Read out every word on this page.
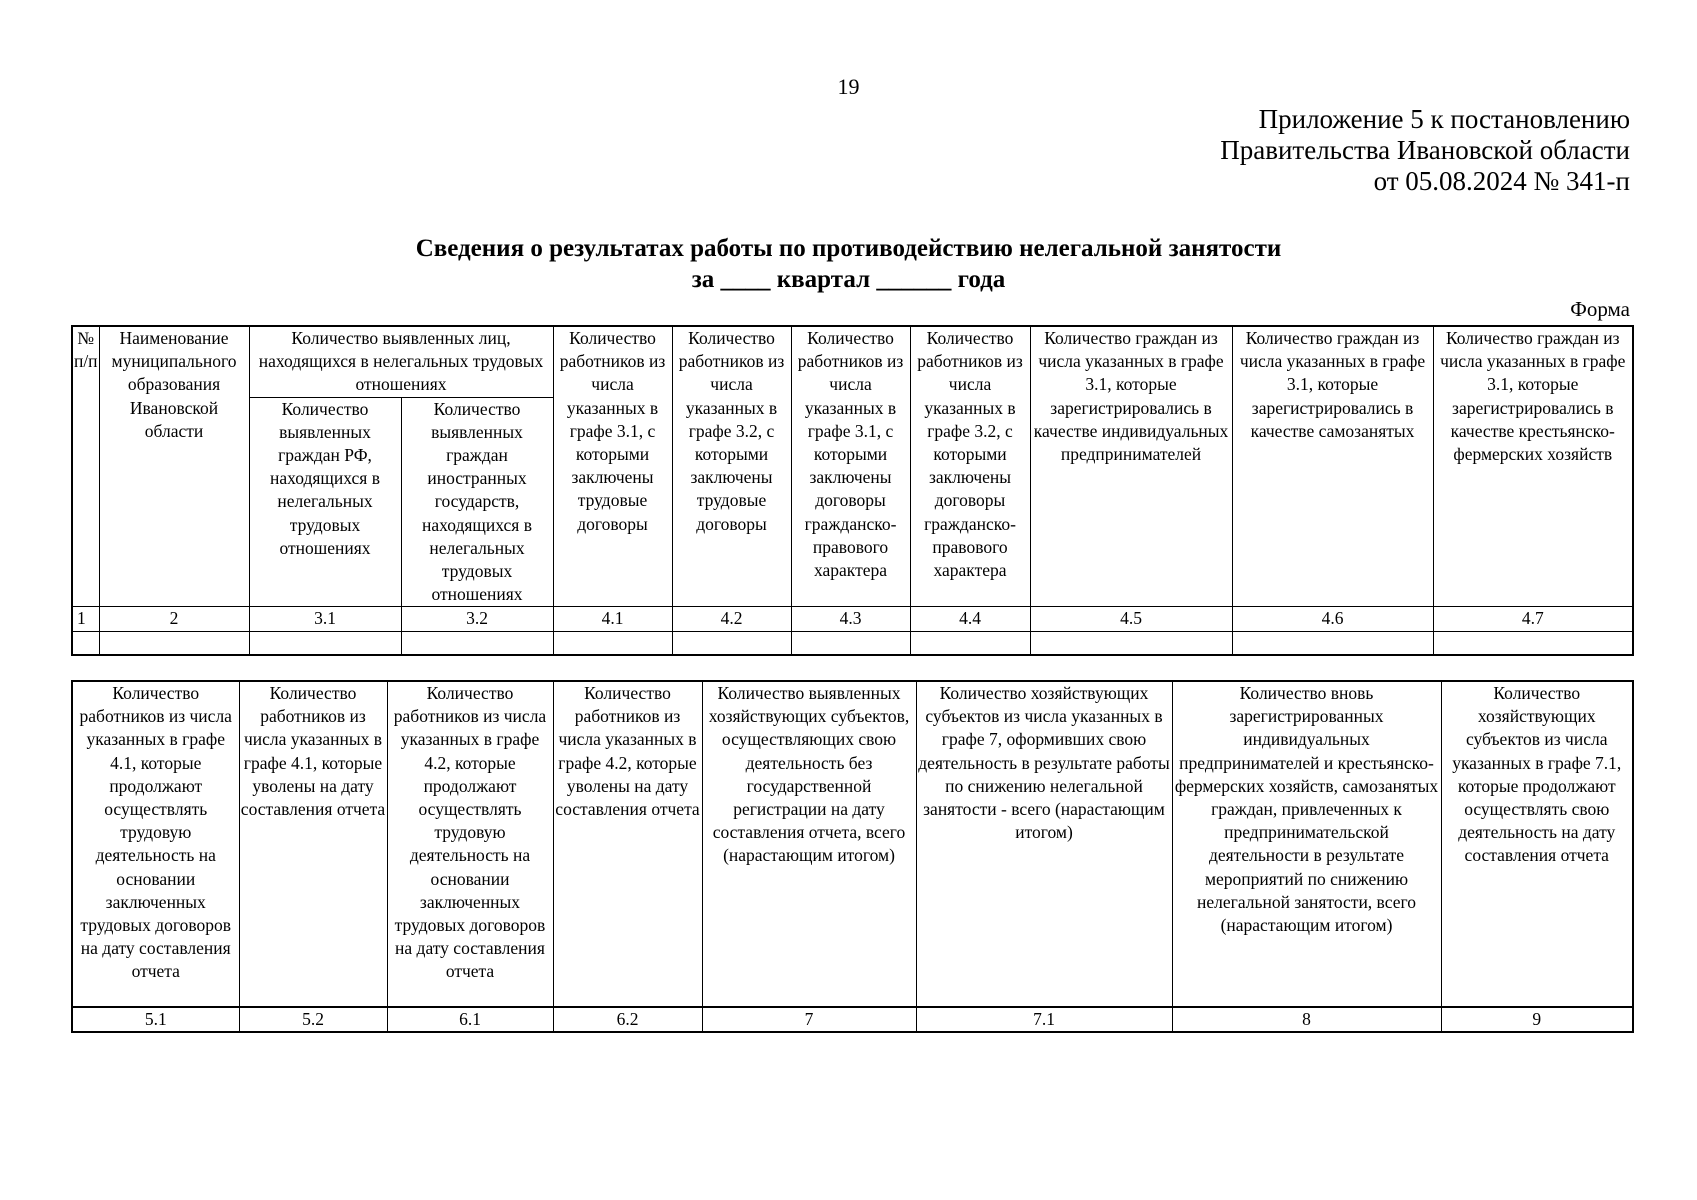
19
Приложение 5 к постановлению
Правительства Ивановской области
от 05.08.2024 № 341-п
Сведения о результатах работы по противодействию нелегальной занятости
за ____ квартал ______ года
Форма
№ п/п	Наименование муниципального образования Ивановской области	Количество выявленных лиц, находящихся в нелегальных трудовых отношениях		Количество работников из числа указанных в графе 3.1, с которыми заключены трудовые договоры	Количество работников из числа указанных в графе 3.2, с которыми заключены трудовые договоры	Количество работников из числа указанных в графе 3.1, с которыми заключены договоры гражданско-правового характера	Количество работников из числа указанных в графе 3.2, с которыми заключены договоры гражданско-правового характера	Количество граждан из числа указанных в графе 3.1, которые зарегистрировались в качестве индивидуальных предпринимателей	Количество граждан из числа указанных в графе 3.1, которые зарегистрировались в качестве самозанятых	Количество граждан из числа указанных в графе 3.1, которые зарегистрировались в качестве крестьянско-фермерских хозяйств
		Количество выявленных граждан РФ, находящихся в нелегальных трудовых отношениях	Количество выявленных граждан иностранных государств, находящихся в нелегальных трудовых отношениях							
1	2	3.1	3.2	4.1	4.2	4.3	4.4	4.5	4.6	4.7

Количество работников из числа указанных в графе 4.1, которые продолжают осуществлять трудовую деятельность на основании заключенных трудовых договоров на дату составления отчета	Количество работников из числа указанных в графе 4.1, которые уволены на дату составления отчета	Количество работников из числа указанных в графе 4.2, которые продолжают осуществлять трудовую деятельность на основании заключенных трудовых договоров на дату составления отчета	Количество работников из числа указанных в графе 4.2, которые уволены на дату составления отчета	Количество выявленных хозяйствующих субъектов, осуществляющих свою деятельность без государственной регистрации на дату составления отчета, всего (нарастающим итогом)	Количество хозяйствующих субъектов из числа указанных в графе 7, оформивших свою деятельность в результате работы по снижению нелегальной занятости - всего (нарастающим итогом)	Количество вновь зарегистрированных индивидуальных предпринимателей и крестьянско-фермерских хозяйств, самозанятых граждан, привлеченных к предпринимательской деятельности в результате мероприятий по снижению нелегальной занятости, всего (нарастающим итогом)	Количество хозяйствующих субъектов из числа указанных в графе 7.1, которые продолжают осуществлять свою деятельность на дату составления отчета
5.1	5.2	6.1	6.2	7	7.1	8	9
